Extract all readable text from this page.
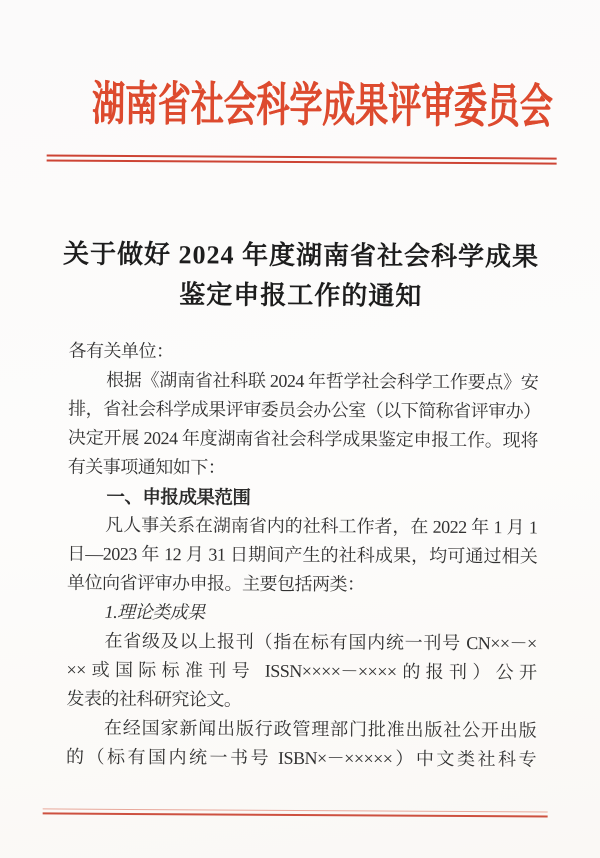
湖南省社会科学成果评审委员会
关于做好 2024 年度湖南省社会科学成果
鉴定申报工作的通知
各有关单位：
根据《湖南省社科联 2024 年哲学社会科学工作要点》安
排，省社会科学成果评审委员会办公室（以下简称省评审办）
决定开展 2024 年度湖南省社会科学成果鉴定申报工作。现将
有关事项通知如下：
一、申报成果范围
凡人事关系在湖南省内的社科工作者，在 2022 年 1 月 1
日—2023 年 12 月 31 日期间产生的社科成果，均可通过相关
单位向省评审办申报。主要包括两类：
1.理论类成果
在省级及以上报刊（指在标有国内统一刊号 CN××－×
××或国际标准刊号 ISSN××××－××××的报刊）公开
发表的社科研究论文。
在经国家新闻出版行政管理部门批准出版社公开出版
的（标有国内统一书号 ISBN×－×××××）中文类社科专
